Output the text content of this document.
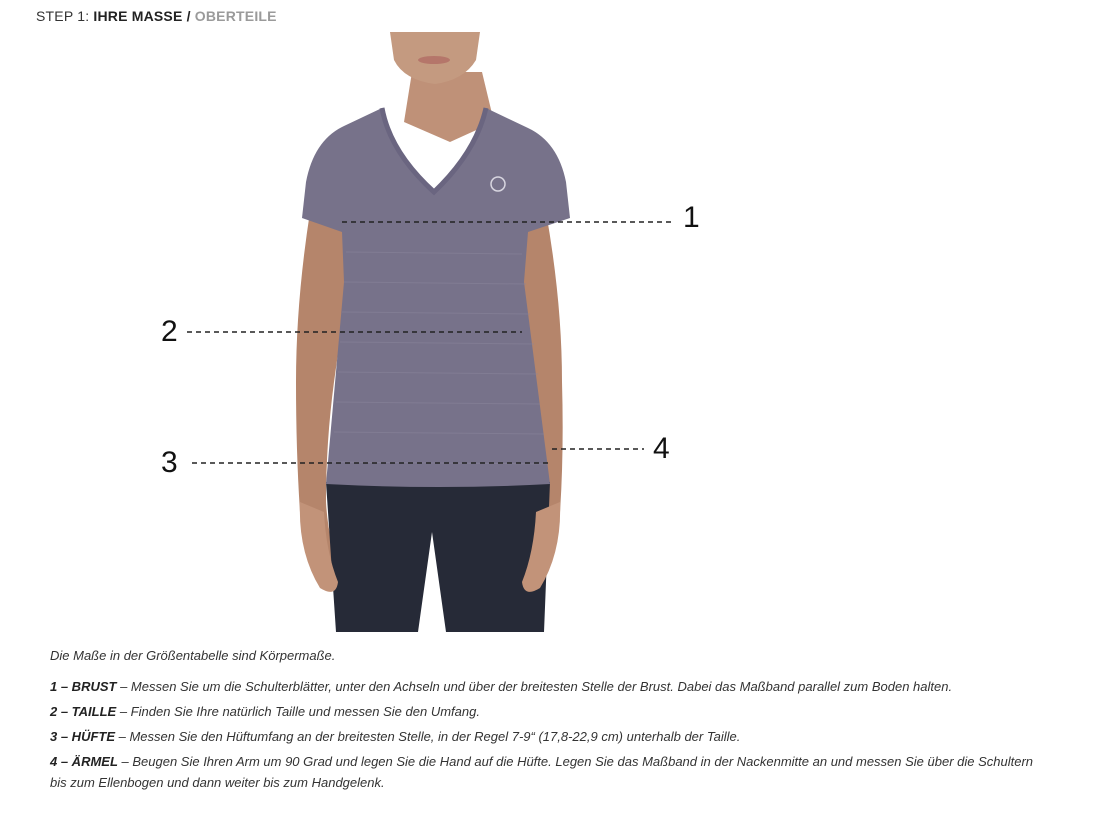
STEP 1: IHRE MASSE / OBERTEILE
1
2
3	4

Die Maße in der Größentabelle sind Körpermaße.

1 – BRUST – Messen Sie um die Schulterblätter, unter den Achseln und über der breitesten Stelle der Brust. Dabei das Maßband parallel zum Boden halten.

2 – TAILLE – Finden Sie Ihre natürlich Taille und messen Sie den Umfang.

3 – HÜFTE – Messen Sie den Hüftumfang an der breitesten Stelle, in der Regel 7-9“ (17,8-22,9 cm) unterhalb der Taille.

4 – ÄRMEL – Beugen Sie Ihren Arm um 90 Grad und legen Sie die Hand auf die Hüfte. Legen Sie das Maßband in der Nackenmitte an und messen Sie über die Schultern bis zum Ellenbogen und dann weiter bis zum Handgelenk.
